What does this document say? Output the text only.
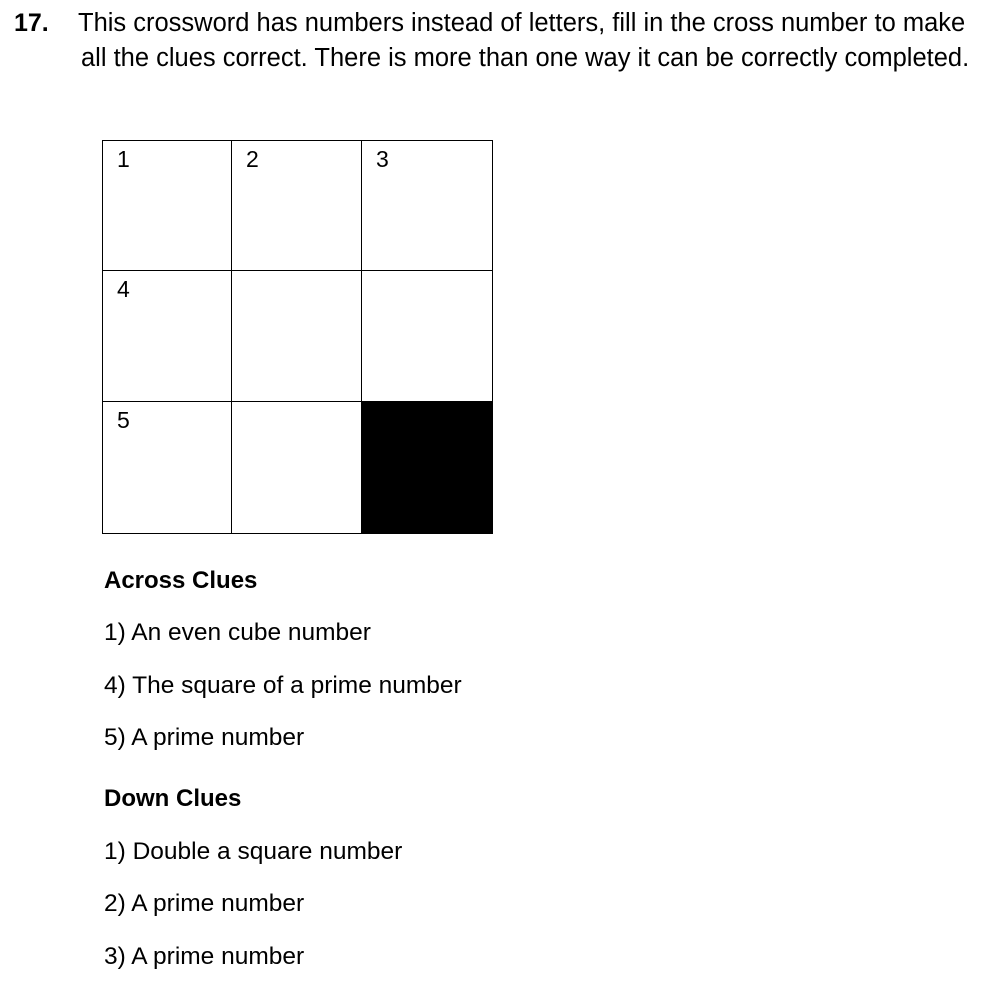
17. This crossword has numbers instead of letters, fill in the cross number to make all the clues correct. There is more than one way it can be correctly completed.
1	2	3
4
5
Across Clues
1) An even cube number
4) The square of a prime number
5) A prime number
Down Clues
1) Double a square number
2) A prime number
3) A prime number
